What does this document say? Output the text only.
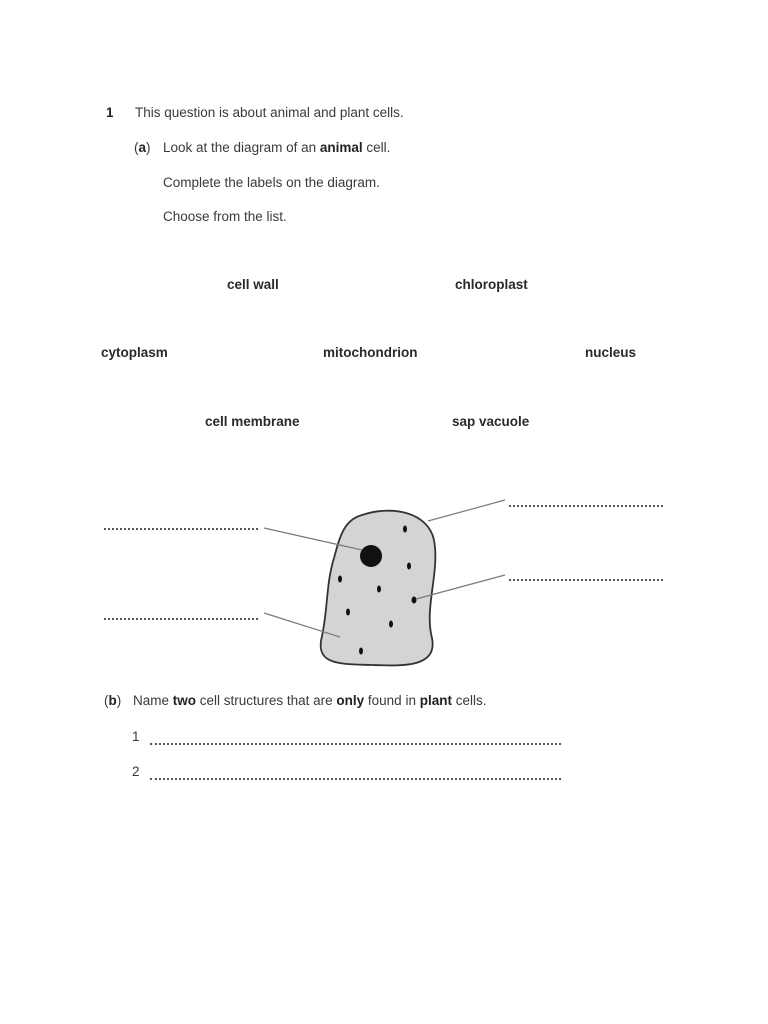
1 This question is about animal and plant cells.
(a) Look at the diagram of an animal cell.
Complete the labels on the diagram.
Choose from the list.
cell wall	chloroplast
cytoplasm	mitochondrion	nucleus
cell membrane	sap vacuole
(b) Name two cell structures that are only found in plant cells.
1
2
